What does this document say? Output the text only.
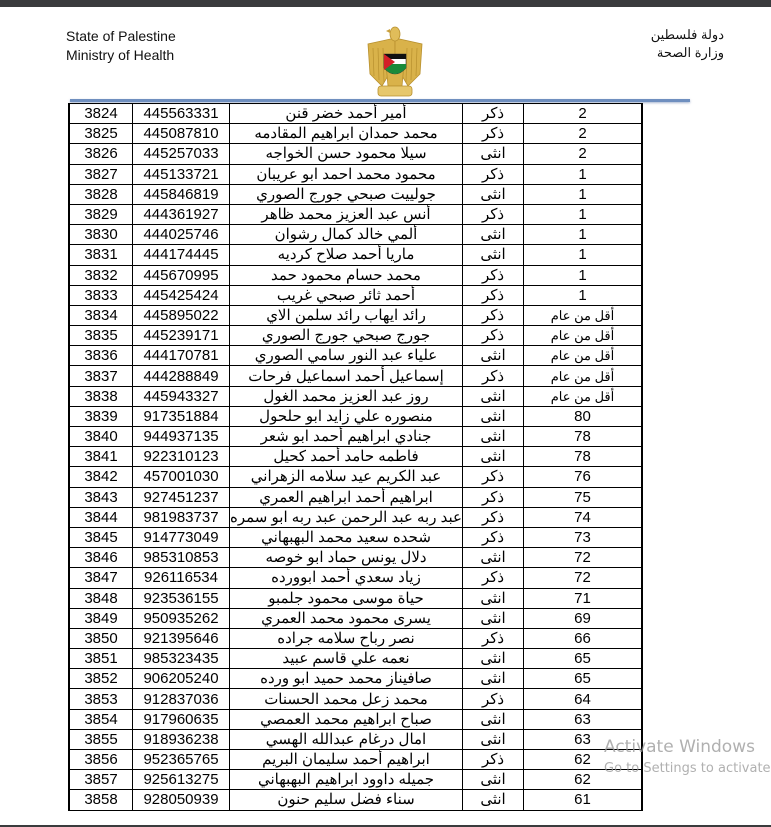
State of Palestine
Ministry of Health
دولة فلسطين
وزارة الصحة
3824	445563331	أمير أحمد خضر قنن	ذكر	2
3825	445087810	محمد حمدان ابراهيم المقادمه	ذكر	2
3826	445257033	سيلا محمود حسن الخواجه	انثى	2
3827	445133721	محمود محمد احمد ابو عريبان	ذكر	1
3828	445846819	جولييت صبحي جورج الصوري	انثى	1
3829	444361927	أنس عبد العزيز محمد ظاهر	ذكر	1
3830	444025746	ألمي خالد كمال رشوان	انثى	1
3831	444174445	ماريا أحمد صلاح كرديه	انثى	1
3832	445670995	محمد حسام محمود حمد	ذكر	1
3833	445425424	أحمد ثائر صبحي غريب	ذكر	1
3834	445895022	رائد ايهاب رائد سلمن الاي	ذكر	أقل من عام
3835	445239171	جورج صبحي جورج الصوري	ذكر	أقل من عام
3836	444170781	علياء عبد النور سامي الصوري	انثى	أقل من عام
3837	444288849	إسماعيل أحمد اسماعيل فرحات	ذكر	أقل من عام
3838	445943327	روز عبد العزيز محمد الغول	انثى	أقل من عام
3839	917351884	منصوره علي زايد ابو حلحول	انثى	80
3840	944937135	جنادي ابراهيم أحمد ابو شعر	انثى	78
3841	922310123	فاطمه حامد أحمد كحيل	انثى	78
3842	457001030	عبد الكريم عيد سلامه الزهراني	ذكر	76
3843	927451237	ابراهيم أحمد ابراهيم العمري	ذكر	75
3844	981983737	عبد ربه عبد الرحمن عبد ربه ابو سمره	ذكر	74
3845	914773049	شحده سعيد محمد البهبهاني	ذكر	73
3846	985310853	دلال يونس حماد ابو خوصه	انثى	72
3847	926116534	زياد سعدي أحمد ابوورده	ذكر	72
3848	923536155	حياة موسى محمود جلمبو	انثى	71
3849	950935262	يسرى محمود محمد العمري	انثى	69
3850	921395646	نصر رباح سلامه جراده	ذكر	66
3851	985323435	نعمه علي قاسم عبيد	انثى	65
3852	906205240	صافيناز محمد حميد ابو ورده	انثى	65
3853	912837036	محمد زعل محمد الحسنات	ذكر	64
3854	917960635	صباح ابراهيم محمد العمصي	انثى	63
3855	918936238	امال درغام عبدالله الهسي	انثى	63
3856	952365765	ابراهيم أحمد سليمان البريم	ذكر	62
3857	925613275	جميله داوود ابراهيم البهبهاني	انثى	62
3858	928050939	سناء فضل سليم حنون	انثى	61
Activate Windows
Go to Settings to activate
